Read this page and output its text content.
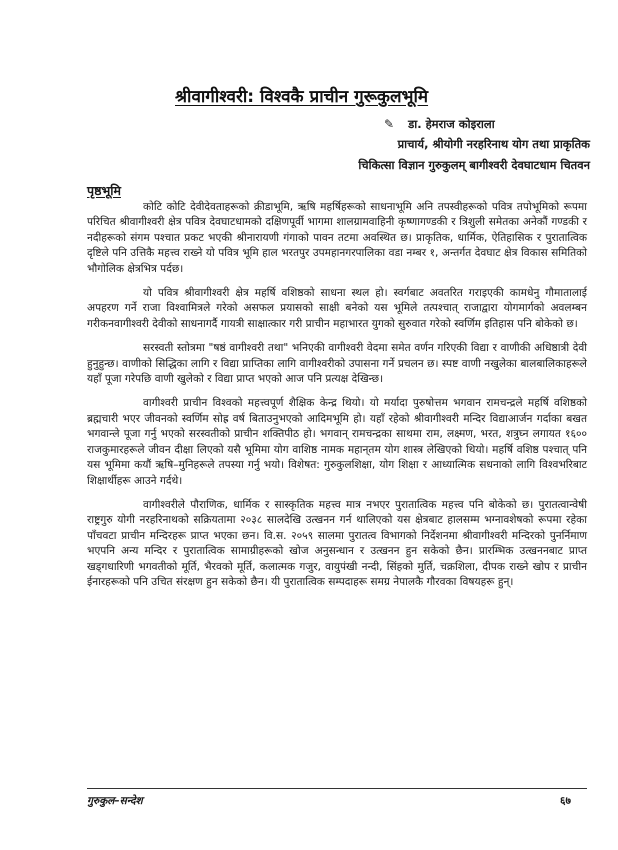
श्रीवागीश्वरी: विश्वकै प्राचीन गुरूकुलभूमि
✎ डा. हेमराज कोइराला
प्राचार्य, श्रीयोगी नरहरिनाथ योग तथा प्राकृतिक
चिकित्सा विज्ञान गुरुकुलम् बागीश्वरी देवघाटधाम चितवन
पृष्ठभूमि

कोटि कोटि देवीदेवताहरूको क्रीडाभूमि, ऋषि महर्षिहरूको साधनाभूमि अनि तपस्वीहरूको पवित्र तपोभूमिको रूपमा परिचित श्रीवागीश्वरी क्षेत्र पवित्र देवघाटधामको दक्षिणपूर्वी भागमा शालग्रामवाहिनी कृष्णागण्डकी र त्रिशुली समेतका अनेकौं गण्डकी र नदीहरूको संगम पश्चात प्रकट भएकी श्रीनारायणी गंगाको पावन तटमा अवस्थित छ। प्राकृतिक, धार्मिक, ऐतिहासिक र पुरातात्विक दृष्टिले पनि उत्तिकै महत्त्व राख्ने यो पवित्र भूमि हाल भरतपुर उपमहानगरपालिका वडा नम्बर १, अन्तर्गत देवघाट क्षेत्र विकास समितिको भौगोलिक क्षेत्रभित्र पर्दछ।

यो पवित्र श्रीवागीश्वरी क्षेत्र महर्षि वशिष्ठको साधना स्थल हो। स्वर्गबाट अवतरित गराइएकी कामधेनु गौमातालाई अपहरण गर्ने राजा विश्वामित्रले गरेको असफल प्रयासको साक्षी बनेको यस भूमिले तत्पश्चात् राजाद्वारा योगमार्गको अवलम्बन गरीकनवागीश्वरी देवीको साधनागर्दै गायत्री साक्षात्कार गरी प्राचीन महाभारत युगको सुरुवात गरेको स्वर्णिम इतिहास पनि बोकेको छ।

सरस्वती स्तोत्रमा "षष्ठं वागीश्वरी तथा" भनिएकी वागीश्वरी वेदमा समेत वर्णन गरिएकी विद्या र वाणीकी अधिष्ठात्री देवी हुनुहुन्छ। वाणीको सिद्धिका लागि र विद्या प्राप्तिका लागि वागीश्वरीको उपासना गर्ने प्रचलन छ। स्पष्ट वाणी नखुलेका बालबालिकाहरूले यहाँ पूजा गरेपछि वाणी खुलेको र विद्या प्राप्त भएको आज पनि प्रत्यक्ष देखिन्छ।

वागीश्वरी प्राचीन विश्वको महत्त्वपूर्ण शैक्षिक केन्द्र थियो। यो मर्यादा पुरुषोत्तम भगवान रामचन्द्रले महर्षि वशिष्ठको ब्रह्मचारी भएर जीवनको स्वर्णिम सोह्र वर्ष बिताउनुभएको आदिमभूमि हो। यहाँ रहेको श्रीवागीश्वरी मन्दिर विद्याआर्जन गर्दाका बखत भगवान्ले पूजा गर्नु भएको सरस्वतीको प्राचीन शक्तिपीठ हो। भगवान् रामचन्द्रका साथमा राम, लक्ष्मण, भरत, शत्रुघ्न लगायत १६०० राजकुमारहरूले जीवन दीक्षा लिएको यसै भूमिमा योग वाशिष्ठ नामक महान्‌तम योग शास्त्र लेखिएको थियो। महर्षि वशिष्ठ पश्चात् पनि यस भूमिमा कयौं ऋषि–मुनिहरूले तपस्या गर्नु भयो। विशेषत: गुरुकुलशिक्षा, योग शिक्षा र आध्यात्मिक सधनाको लागि विश्वभरिबाट शिक्षार्थीहरू आउने गर्दथे।

वागीश्वरीले पौराणिक, धार्मिक र सास्कृतिक महत्त्व मात्र नभएर पुरातात्विक महत्त्व पनि बोकेको छ। पुरातत्वान्वेषी राष्ट्रगुरु योगी नरहरिनाथको सक्रियतामा २०३८ सालदेखि उत्खनन गर्न थालिएको यस क्षेत्रबाट हालसम्म भग्नावशेषको रूपमा रहेका पाँचवटा प्राचीन मन्दिरहरू प्राप्त भएका छन। वि.स. २०५९ सालमा पुरातत्व विभागको निर्देशनमा श्रीवागीश्वरी मन्दिरको पुनर्निमाण भएपनि अन्य मन्दिर र पुरातात्विक सामाग्रीहरूको खोज अनुसन्धान र उत्खनन हुन सकेको छैन। प्रारम्भिक उत्खननबाट प्राप्त खड्गधारिणी भगवतीको मूर्ति, भैरवको मूर्ति, कलात्मक गजुर, वायुपंखी नन्दी, सिंहको मुर्ति, चक्रशिला, दीपक राख्ने खोप र प्राचीन ईनारहरूको पनि उचित संरक्षण हुन सकेको छैन। यी पुरातात्विक सम्पदाहरू समग्र नेपालकै गौरवका विषयहरू हुन्।

गुरुकुल–सन्देश	६७
